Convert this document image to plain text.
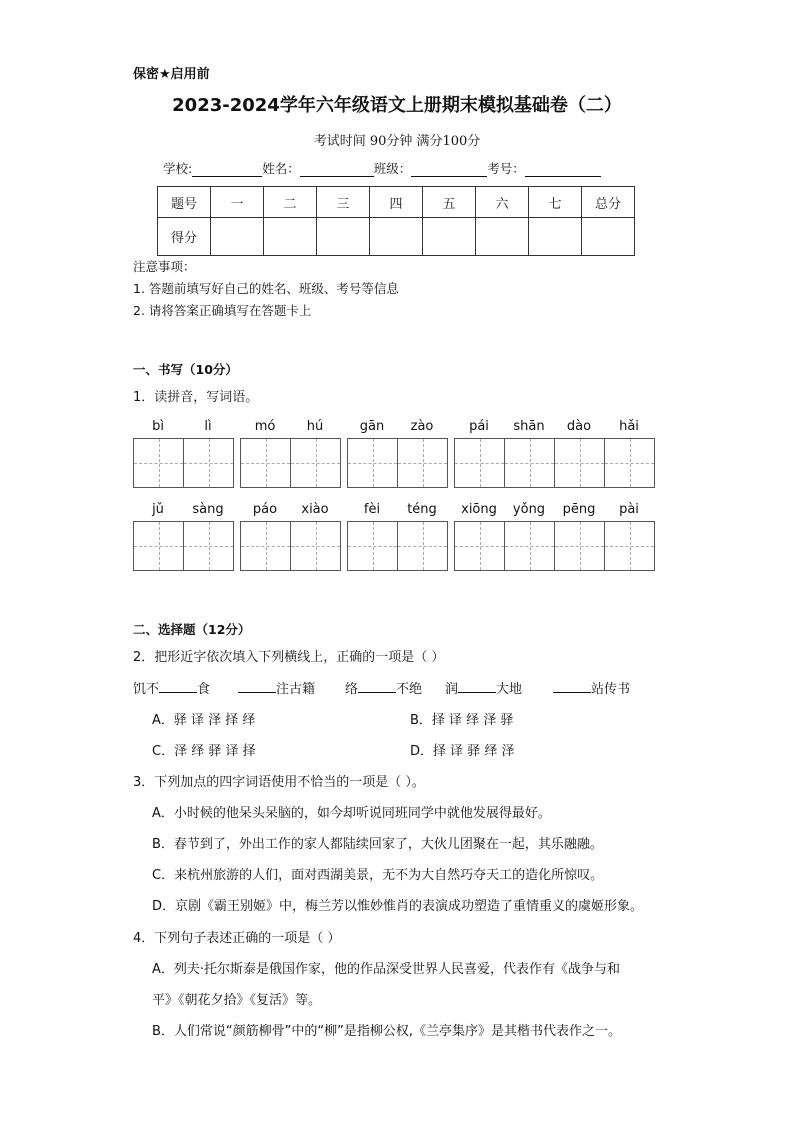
保密★启用前
2023-2024学年六年级语文上册期末模拟基础卷（二）
考试时间 90分钟 满分100分
学校:	姓名：	班级：	考号：
题号	一	二	三	四	五	六	七	总分
得分								
注意事项：
1. 答题前填写好自己的姓名、班级、考号等信息
2. 请将答案正确填写在答题卡上
一、书写（10分）
1．读拼音，写词语。
bì	lì	mó	hú	gān	zào	pái	shān	dào	hǎi
jǔ	sàng	páo	xiào	fèi	téng	xiōng	yǒng	pēng	pài
二、选择题（12分）
2．把形近字依次填入下列横线上，正确的一项是（ ）
饥不	食	注古籍	络	不绝	润	大地	站传书
A．驿 译 泽 择 绎	B．择 译 绎 泽 驿
C．泽 绎 驿 译 择	D．择 译 驿 绎 泽
3．下列加点的四字词语使用不恰当的一项是（ ）。
A．小时候的他呆头呆脑的，如今却听说同班同学中就他发展得最好。
B．春节到了，外出工作的家人都陆续回家了，大伙儿团聚在一起，其乐融融。
C．来杭州旅游的人们，面对西湖美景，无不为大自然巧夺天工的造化所惊叹。
D．京剧《霸王别姬》中，梅兰芳以惟妙惟肖的表演成功塑造了重情重义的虞姬形象。
4．下列句子表述正确的一项是（ ）
A．列夫·托尔斯泰是俄国作家，他的作品深受世界人民喜爱，代表作有《战争与和
平》《朝花夕拾》《复活》等。
B．人们常说“颜筋柳骨”中的“柳”是指柳公权,《兰亭集序》是其楷书代表作之一。
